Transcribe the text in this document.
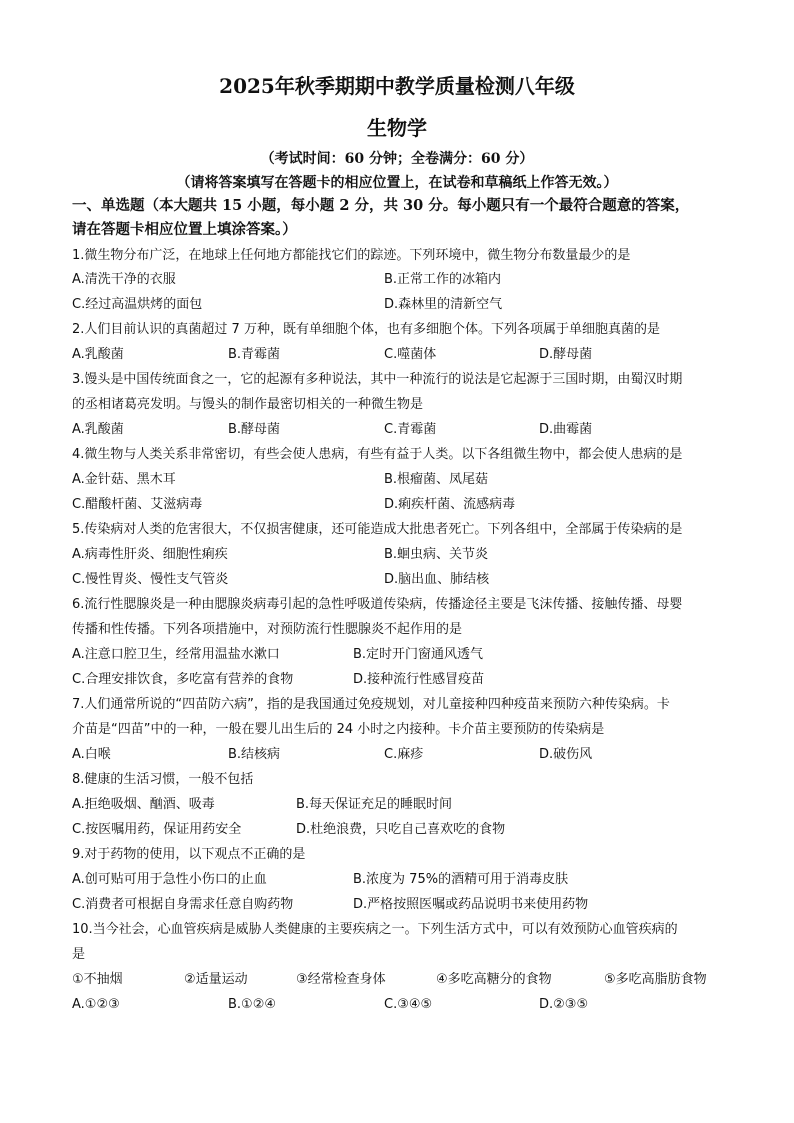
2025年秋季期期中教学质量检测八年级
生物学
（考试时间：60 分钟；全卷满分：60 分）
（请将答案填写在答题卡的相应位置上，在试卷和草稿纸上作答无效。）
一、单选题（本大题共 15 小题，每小题 2 分，共 30 分。每小题只有一个最符合题意的答案，
请在答题卡相应位置上填涂答案。）
1.微生物分布广泛，在地球上任何地方都能找它们的踪迹。下列环境中，微生物分布数量最少的是
A.清洗干净的衣服	B.正常工作的冰箱内
C.经过高温烘烤的面包	D.森林里的清新空气
2.人们目前认识的真菌超过 7 万种，既有单细胞个体，也有多细胞个体。下列各项属于单细胞真菌的是
A.乳酸菌	B.青霉菌	C.噬菌体	D.酵母菌
3.馒头是中国传统面食之一，它的起源有多种说法，其中一种流行的说法是它起源于三国时期，由蜀汉时期
的丞相诸葛亮发明。与馒头的制作最密切相关的一种微生物是
A.乳酸菌	B.酵母菌	C.青霉菌	D.曲霉菌
4.微生物与人类关系非常密切，有些会使人患病，有些有益于人类。以下各组微生物中，都会使人患病的是
A.金针菇、黑木耳	B.根瘤菌、凤尾菇
C.醋酸杆菌、艾滋病毒	D.痢疾杆菌、流感病毒
5.传染病对人类的危害很大，不仅损害健康，还可能造成大批患者死亡。下列各组中，全部属于传染病的是
A.病毒性肝炎、细胞性痢疾	B.蛔虫病、关节炎
C.慢性胃炎、慢性支气管炎	D.脑出血、肺结核
6.流行性腮腺炎是一种由腮腺炎病毒引起的急性呼吸道传染病，传播途径主要是飞沫传播、接触传播、母婴
传播和性传播。下列各项措施中，对预防流行性腮腺炎不起作用的是
A.注意口腔卫生，经常用温盐水漱口	B.定时开门窗通风透气
C.合理安排饮食，多吃富有营养的食物	D.接种流行性感冒疫苗
7.人们通常所说的“四苗防六病”，指的是我国通过免疫规划，对儿童接种四种疫苗来预防六种传染病。卡
介苗是“四苗”中的一种，一般在婴儿出生后的 24 小时之内接种。卡介苗主要预防的传染病是
A.白喉	B.结核病	C.麻疹	D.破伤风
8.健康的生活习惯，一般不包括
A.拒绝吸烟、酗酒、吸毒	B.每天保证充足的睡眠时间
C.按医嘱用药，保证用药安全	D.杜绝浪费，只吃自己喜欢吃的食物
9.对于药物的使用，以下观点不正确的是
A.创可贴可用于急性小伤口的止血	B.浓度为 75%的酒精可用于消毒皮肤
C.消费者可根据自身需求任意自购药物	D.严格按照医嘱或药品说明书来使用药物
10.当今社会，心血管疾病是威胁人类健康的主要疾病之一。下列生活方式中，可以有效预防心血管疾病的
是
①不抽烟	②适量运动	③经常检查身体	④多吃高糖分的食物	⑤多吃高脂肪食物
A.①②③	B.①②④	C.③④⑤	D.②③⑤
